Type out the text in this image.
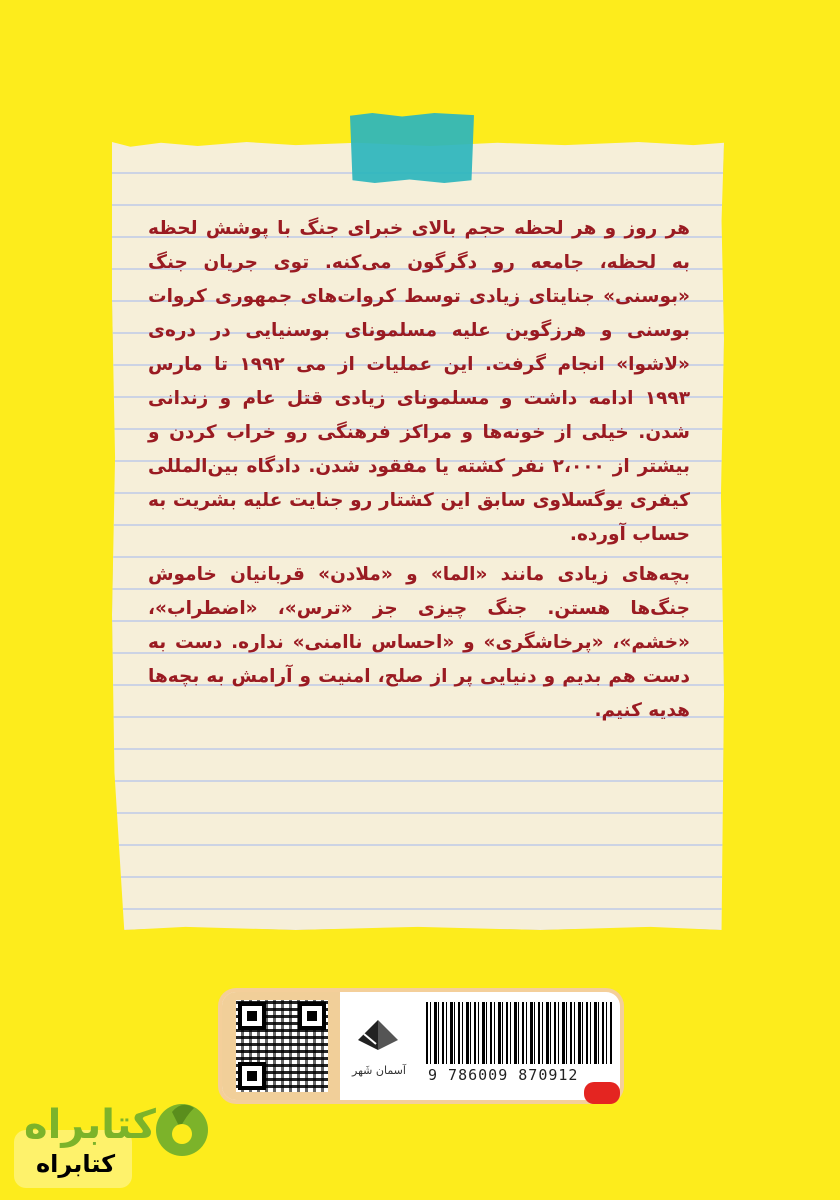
هر روز و هر لحظه حجم بالای خبرای جنگ با پوشش لحظه به لحظه، جامعه رو دگرگون می‌کنه. توی جریان جنگ «بوسنی» جنایتای زیادی توسط کروات‌های جمهوری کروات بوسنی و هرزگوین علیه مسلمونای بوسنیایی در دره‌ی «لاشوا» انجام گرفت. این عملیات از می ۱۹۹۲ تا مارس ۱۹۹۳ ادامه داشت و مسلمونای زیادی قتل عام و زندانی شدن. خیلی از خونه‌ها و مراکز فرهنگی رو خراب کردن و بیشتر از ۲،۰۰۰ نفر کشته یا مفقود شدن. دادگاه بین‌المللی کیفری یوگسلاوی سابق این کشتار رو جنایت علیه بشریت به حساب آورده.

بچه‌های زیادی مانند «الما» و «ملادن» قربانیان خاموش جنگ‌ها هستن. جنگ چیزی جز «ترس»، «اضطراب»، «خشم»، «پرخاشگری» و «احساس ناامنی» نداره. دست به دست هم بدیم و دنیایی پر از صلح، امنیت و آرامش به بچه‌ها هدیه کنیم.

آسمان شَهر	9 786009 870912
کتابراه
کتابراه
